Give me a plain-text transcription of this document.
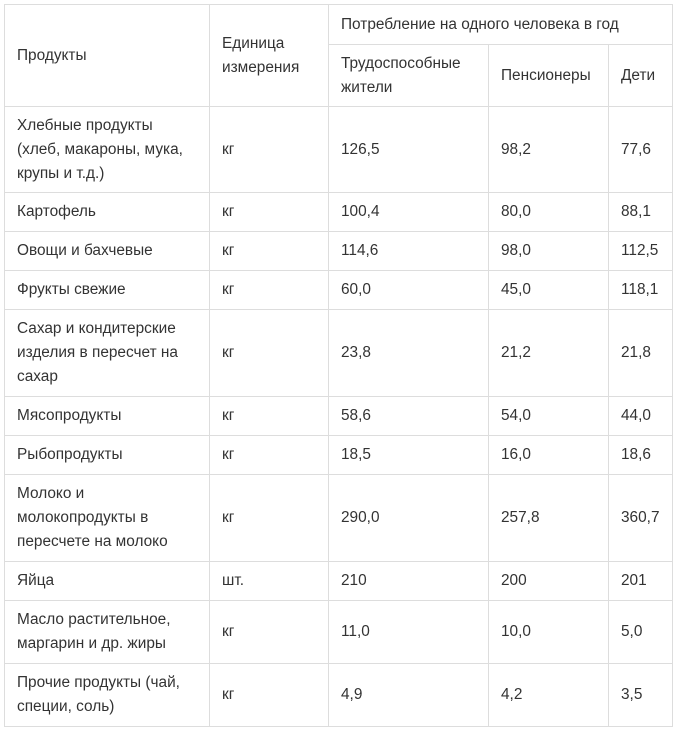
Продукты	Единица измерения	Потребление на одного человека в год		
		Трудоспособные жители	Пенсионеры	Дети
Хлебные продукты (хлеб, макароны, мука, крупы и т.д.)	кг	126,5	98,2	77,6
Картофель	кг	100,4	80,0	88,1
Овощи и бахчевые	кг	114,6	98,0	112,5
Фрукты свежие	кг	60,0	45,0	118,1
Сахар и кондитерские изделия в пересчет на сахар	кг	23,8	21,2	21,8
Мясопродукты	кг	58,6	54,0	44,0
Рыбопродукты	кг	18,5	16,0	18,6
Молоко и молокопродукты в пересчете на молоко	кг	290,0	257,8	360,7
Яйца	шт.	210	200	201
Масло растительное, маргарин и др. жиры	кг	11,0	10,0	5,0
Прочие продукты (чай, специи, соль)	кг	4,9	4,2	3,5
